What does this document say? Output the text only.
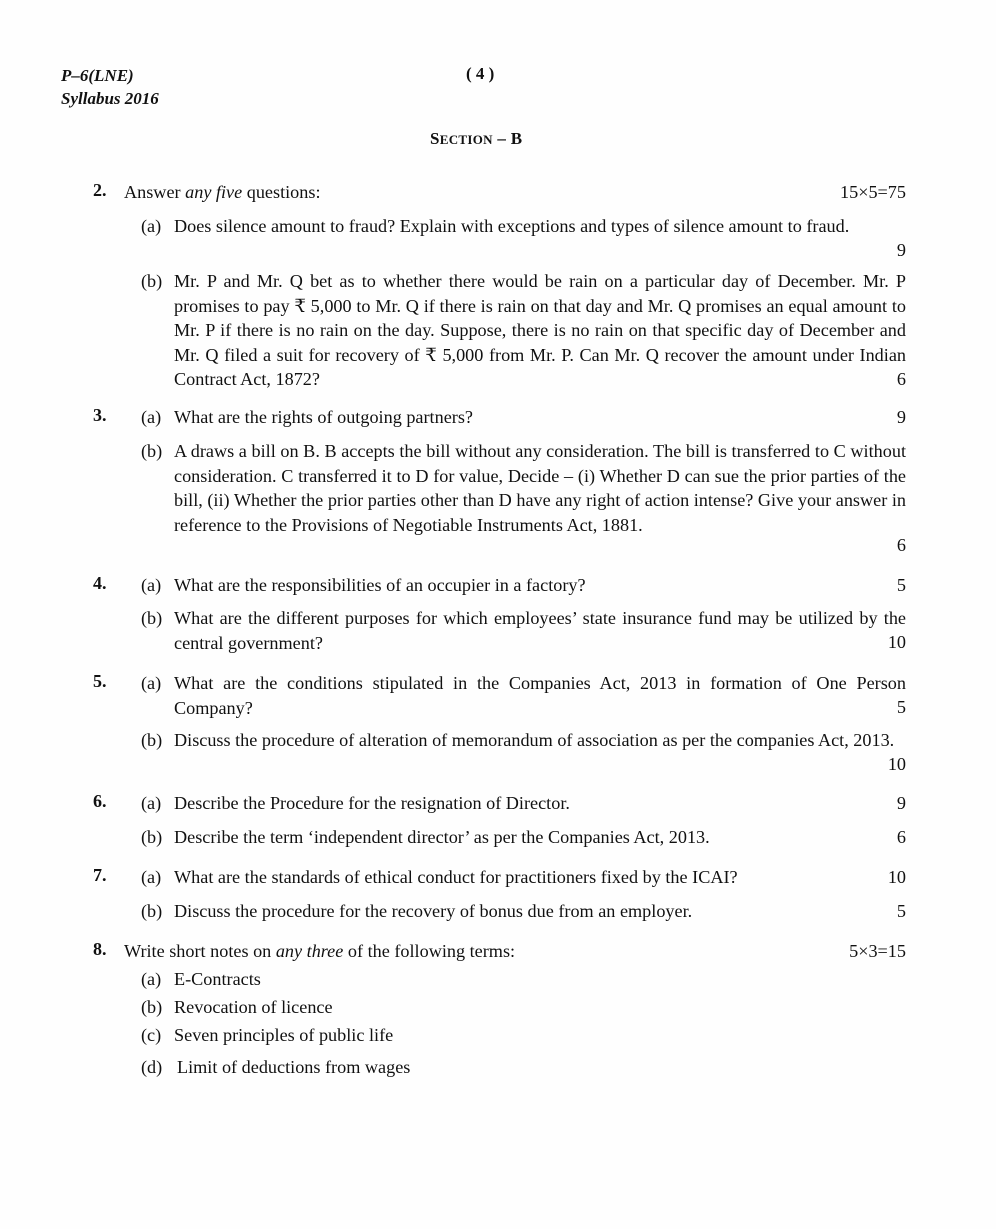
P–6(LNE)
Syllabus 2016
( 4 )
SECTION – B
2. Answer any five questions:	15×5=75
(a) Does silence amount to fraud? Explain with exceptions and types of silence amount to fraud.
9
(b) Mr. P and Mr. Q bet as to whether there would be rain on a particular day of December. Mr. P promises to pay ₹ 5,000 to Mr. Q if there is rain on that day and Mr. Q promises an equal amount to Mr. P if there is no rain on the day. Suppose, there is no rain on that specific day of December and Mr. Q filed a suit for recovery of ₹ 5,000 from Mr. P. Can Mr. Q recover the amount under Indian Contract Act, 1872?	6
3. (a) What are the rights of outgoing partners?	9
(b) A draws a bill on B. B accepts the bill without any consideration. The bill is transferred to C without consideration. C transferred it to D for value, Decide – (i) Whether D can sue the prior parties of the bill, (ii) Whether the prior parties other than D have any right of action intense? Give your answer in reference to the Provisions of Negotiable Instruments Act, 1881.
6
4. (a) What are the responsibilities of an occupier in a factory?	5
(b) What are the different purposes for which employees’ state insurance fund may be utilized by the central government?	10
5. (a) What are the conditions stipulated in the Companies Act, 2013 in formation of One Person Company?	5
(b) Discuss the procedure of alteration of memorandum of association as per the companies Act, 2013.
10
6. (a) Describe the Procedure for the resignation of Director.	9
(b) Describe the term ‘independent director’ as per the Companies Act, 2013.	6
7. (a) What are the standards of ethical conduct for practitioners fixed by the ICAI?	10
(b) Discuss the procedure for the recovery of bonus due from an employer.	5
8. Write short notes on any three of the following terms:	5×3=15
(a) E-Contracts
(b) Revocation of licence
(c) Seven principles of public life
(d) Limit of deductions from wages
